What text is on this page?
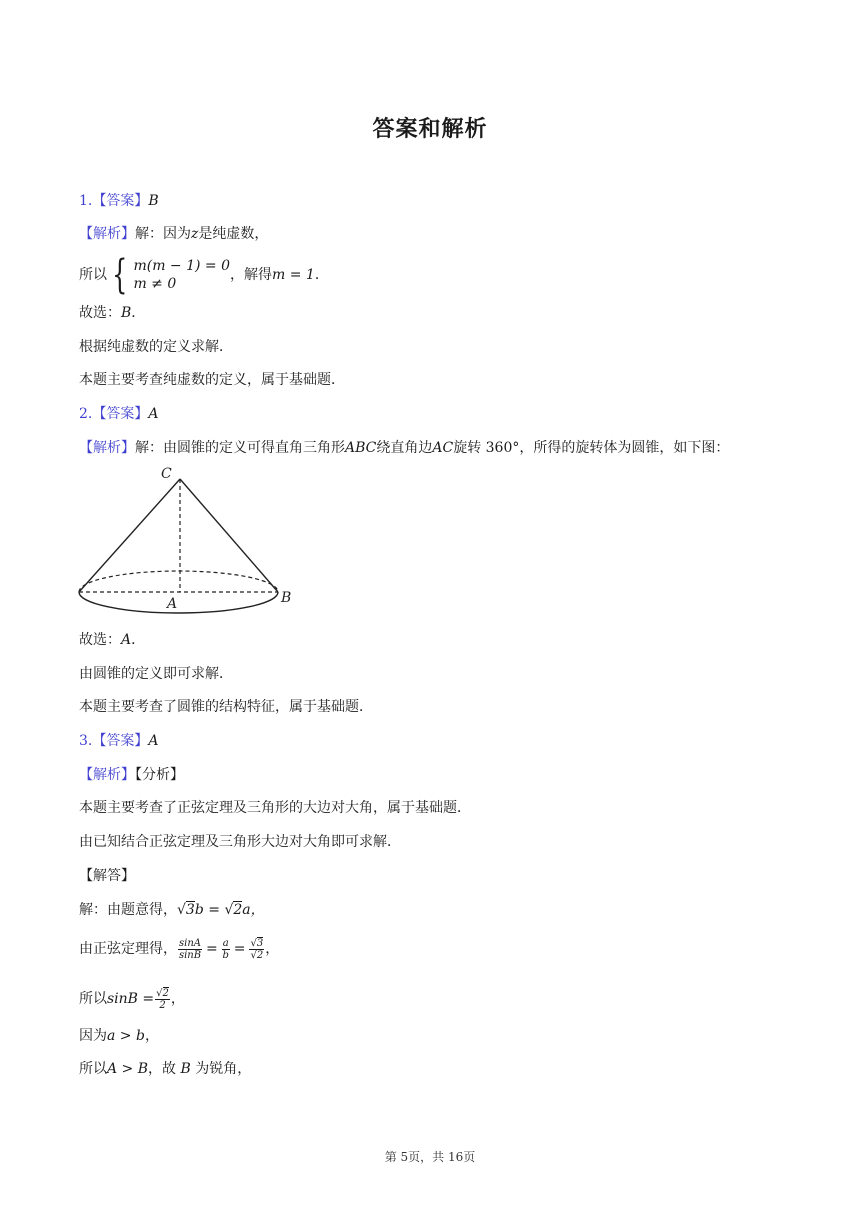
答案和解析
1.【答案】B
【解析】解：因为z是纯虚数，
所以 { m(m − 1) = 0
m ≠ 0
，解得 m = 1 ．
故选：B．
根据纯虚数的定义求解．
本题主要考查纯虚数的定义，属于基础题．
2.【答案】A
【解析】解：由圆锥的定义可得直角三角形ABC绕直角边AC旋转 360°，所得的旋转体为圆锥，如下图：
C
A	B
故选：A．
由圆锥的定义即可求解．
本题主要考查了圆锥的结构特征，属于基础题．
3.【答案】A
【解析】【分析】
本题主要考查了正弦定理及三角形的大边对大角，属于基础题．
由已知结合正弦定理及三角形大边对大角即可求解．
【解答】
解：由题意得，√3b = √2a，
由正弦定理得， $\frac{\sin A}{\sin B} = \frac{a}{b} = \frac{√3}{√2}$ ，
所以 $\sin B = \frac{√2}{2}$ ，
因为a > b，
所以A > B，故 B 为锐角，
第 5页，共 16页
